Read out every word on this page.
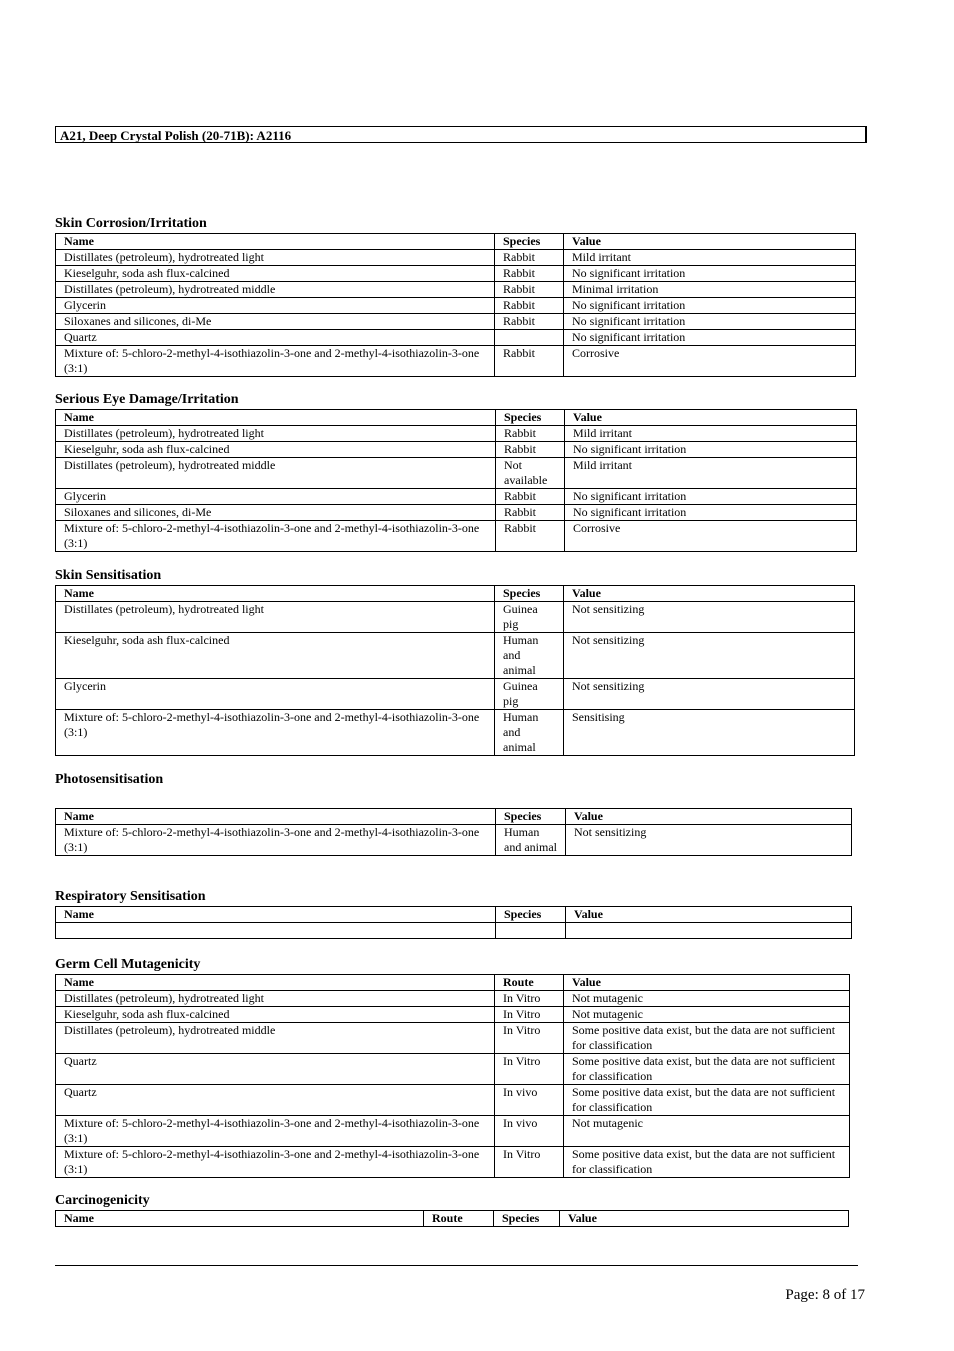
A21, Deep Crystal Polish (20-71B): A2116
Skin Corrosion/Irritation
Name	Species	Value
Distillates (petroleum), hydrotreated light	Rabbit	Mild irritant
Kieselguhr, soda ash flux-calcined	Rabbit	No significant irritation
Distillates (petroleum), hydrotreated middle	Rabbit	Minimal irritation
Glycerin	Rabbit	No significant irritation
Siloxanes and silicones, di-Me	Rabbit	No significant irritation
Quartz		No significant irritation
Mixture of: 5-chloro-2-methyl-4-isothiazolin-3-one and 2-methyl-4-isothiazolin-3-one (3:1)	Rabbit	Corrosive
Serious Eye Damage/Irritation
Name	Species	Value
Distillates (petroleum), hydrotreated light	Rabbit	Mild irritant
Kieselguhr, soda ash flux-calcined	Rabbit	No significant irritation
Distillates (petroleum), hydrotreated middle	Not available	Mild irritant
Glycerin	Rabbit	No significant irritation
Siloxanes and silicones, di-Me	Rabbit	No significant irritation
Mixture of: 5-chloro-2-methyl-4-isothiazolin-3-one and 2-methyl-4-isothiazolin-3-one (3:1)	Rabbit	Corrosive
Skin Sensitisation
Name	Species	Value
Distillates (petroleum), hydrotreated light	Guinea pig	Not sensitizing
Kieselguhr, soda ash flux-calcined	Human and animal	Not sensitizing
Glycerin	Guinea pig	Not sensitizing
Mixture of: 5-chloro-2-methyl-4-isothiazolin-3-one and 2-methyl-4-isothiazolin-3-one (3:1)	Human and animal	Sensitising
Photosensitisation
Name	Species	Value
Mixture of: 5-chloro-2-methyl-4-isothiazolin-3-one and 2-methyl-4-isothiazolin-3-one (3:1)	Human and animal	Not sensitizing
Respiratory Sensitisation
Name	Species	Value

Germ Cell Mutagenicity
Name	Route	Value
Distillates (petroleum), hydrotreated light	In Vitro	Not mutagenic
Kieselguhr, soda ash flux-calcined	In Vitro	Not mutagenic
Distillates (petroleum), hydrotreated middle	In Vitro	Some positive data exist, but the data are not sufficient for classification
Quartz	In Vitro	Some positive data exist, but the data are not sufficient for classification
Quartz	In vivo	Some positive data exist, but the data are not sufficient for classification
Mixture of: 5-chloro-2-methyl-4-isothiazolin-3-one and 2-methyl-4-isothiazolin-3-one (3:1)	In vivo	Not mutagenic
Mixture of: 5-chloro-2-methyl-4-isothiazolin-3-one and 2-methyl-4-isothiazolin-3-one (3:1)	In Vitro	Some positive data exist, but the data are not sufficient for classification
Carcinogenicity
Name	Route	Species	Value
Page: 8 of 17
